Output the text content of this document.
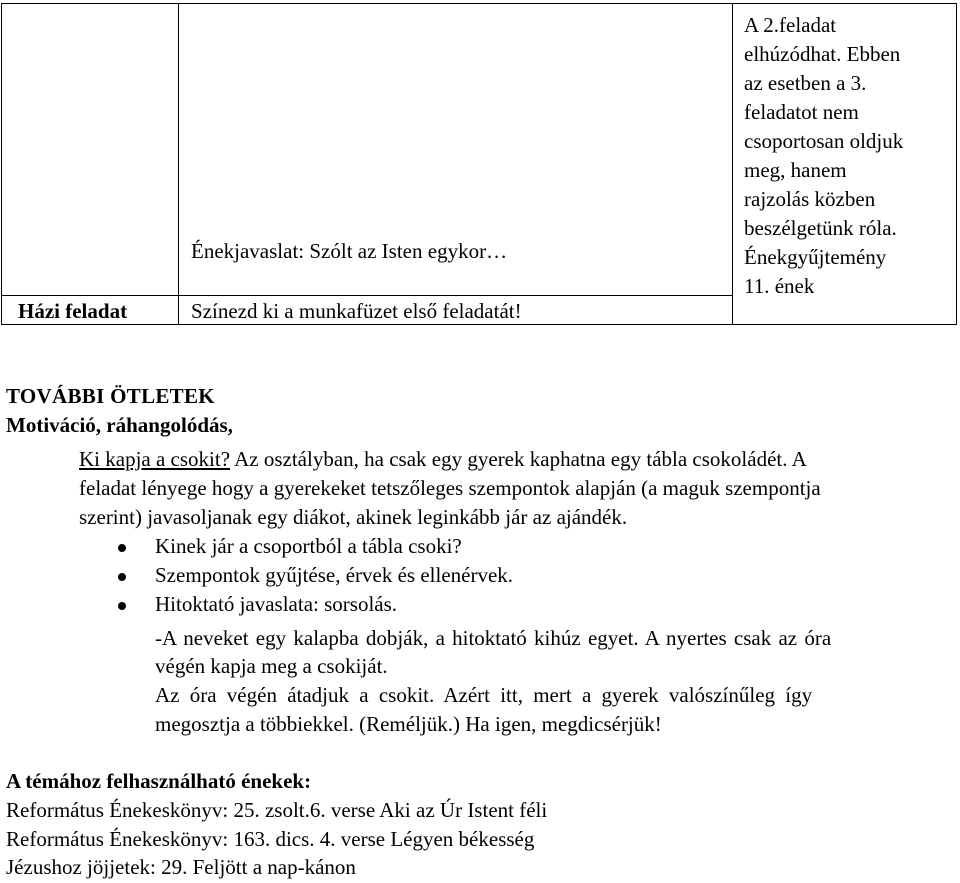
A 2.feladat
elhúzódhat. Ebben
az esetben a 3.
feladatot nem
csoportosan oldjuk
meg, hanem
rajzolás közben
beszélgetünk róla.
Énekgyűjtemény
11. ének
Énekjavaslat: Szólt az Isten egykor…
Házi feladat	Színezd ki a munkafüzet első feladatát!
TOVÁBBI ÖTLETEK
Motiváció, ráhangolódás,
Ki kapja a csokit? Az osztályban, ha csak egy gyerek kaphatna egy tábla csokoládét. A
feladat lényege hogy a gyerekeket tetszőleges szempontok alapján (a maguk szempontja
szerint) javasoljanak egy diákot, akinek leginkább jár az ajándék.
Kinek jár a csoportból a tábla csoki?
Szempontok gyűjtése, érvek és ellenérvek.
Hitoktató javaslata: sorsolás.
-A neveket egy kalapba dobják, a hitoktató kihúz egyet. A nyertes csak az óra
végén kapja meg a csokiját.
Az óra végén átadjuk a csokit. Azért itt, mert a gyerek valószínűleg így
megosztja a többiekkel. (Reméljük.) Ha igen, megdicsérjük!
A témához felhasználható énekek:
Református Énekeskönyv: 25. zsolt.6. verse Aki az Úr Istent féli
Református Énekeskönyv: 163. dics. 4. verse Légyen békesség
Jézushoz jöjjetek: 29. Feljött a nap-kánon
